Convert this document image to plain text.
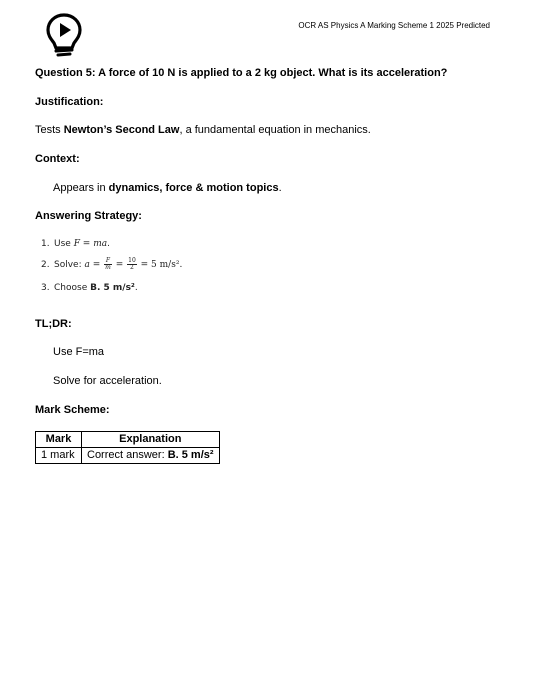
OCR AS Physics A Marking Scheme 1 2025 Predicted
Question 5: A force of 10 N is applied to a 2 kg object. What is its acceleration?
Justification:
Tests Newton’s Second Law, a fundamental equation in mechanics.
Context:
Appears in dynamics, force & motion topics.
Answering Strategy:
1. Use F = ma.
2. Solve: $a = \frac{F}{m} = \frac{10}{2} = 5$ m/s².
3. Choose B. 5 m/s².
TL;DR:
Use F=ma
Solve for acceleration.
Mark Scheme:
Mark	Explanation
1 mark	Correct answer: B. 5 m/s²
